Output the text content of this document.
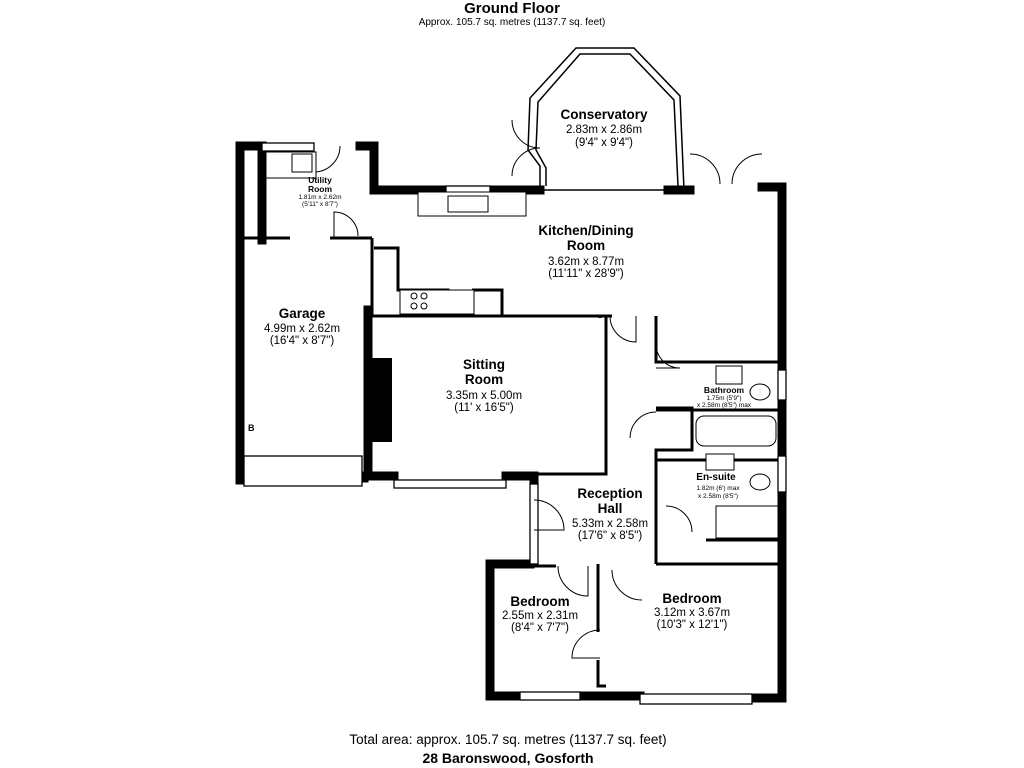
Ground Floor
Approx. 105.7 sq. metres (1137.7 sq. feet)
Conservatory
2.83m x 2.86m
(9'4" x 9'4")
Utility
Room
1.81m x 2.62m
(5'11" x 8'7")
Kitchen/Dining
Room
3.62m x 8.77m
(11'11" x 28'9")
Garage
4.99m x 2.62m
(16'4" x 8'7")
B
Sitting
Room
3.35m x 5.00m
(11' x 16'5")
Bathroom
1.75m (5'9")
x 2.58m (8'5") max
En-suite
1.82m (6') max
x 2.58m (8'5")
Reception
Hall
5.33m x 2.58m
(17'6" x 8'5")
Bedroom
2.55m x 2.31m
(8'4" x 7'7")
Bedroom
3.12m x 3.67m
(10'3" x 12'1")
Total area: approx. 105.7 sq. metres (1137.7 sq. feet)
28 Baronswood, Gosforth
